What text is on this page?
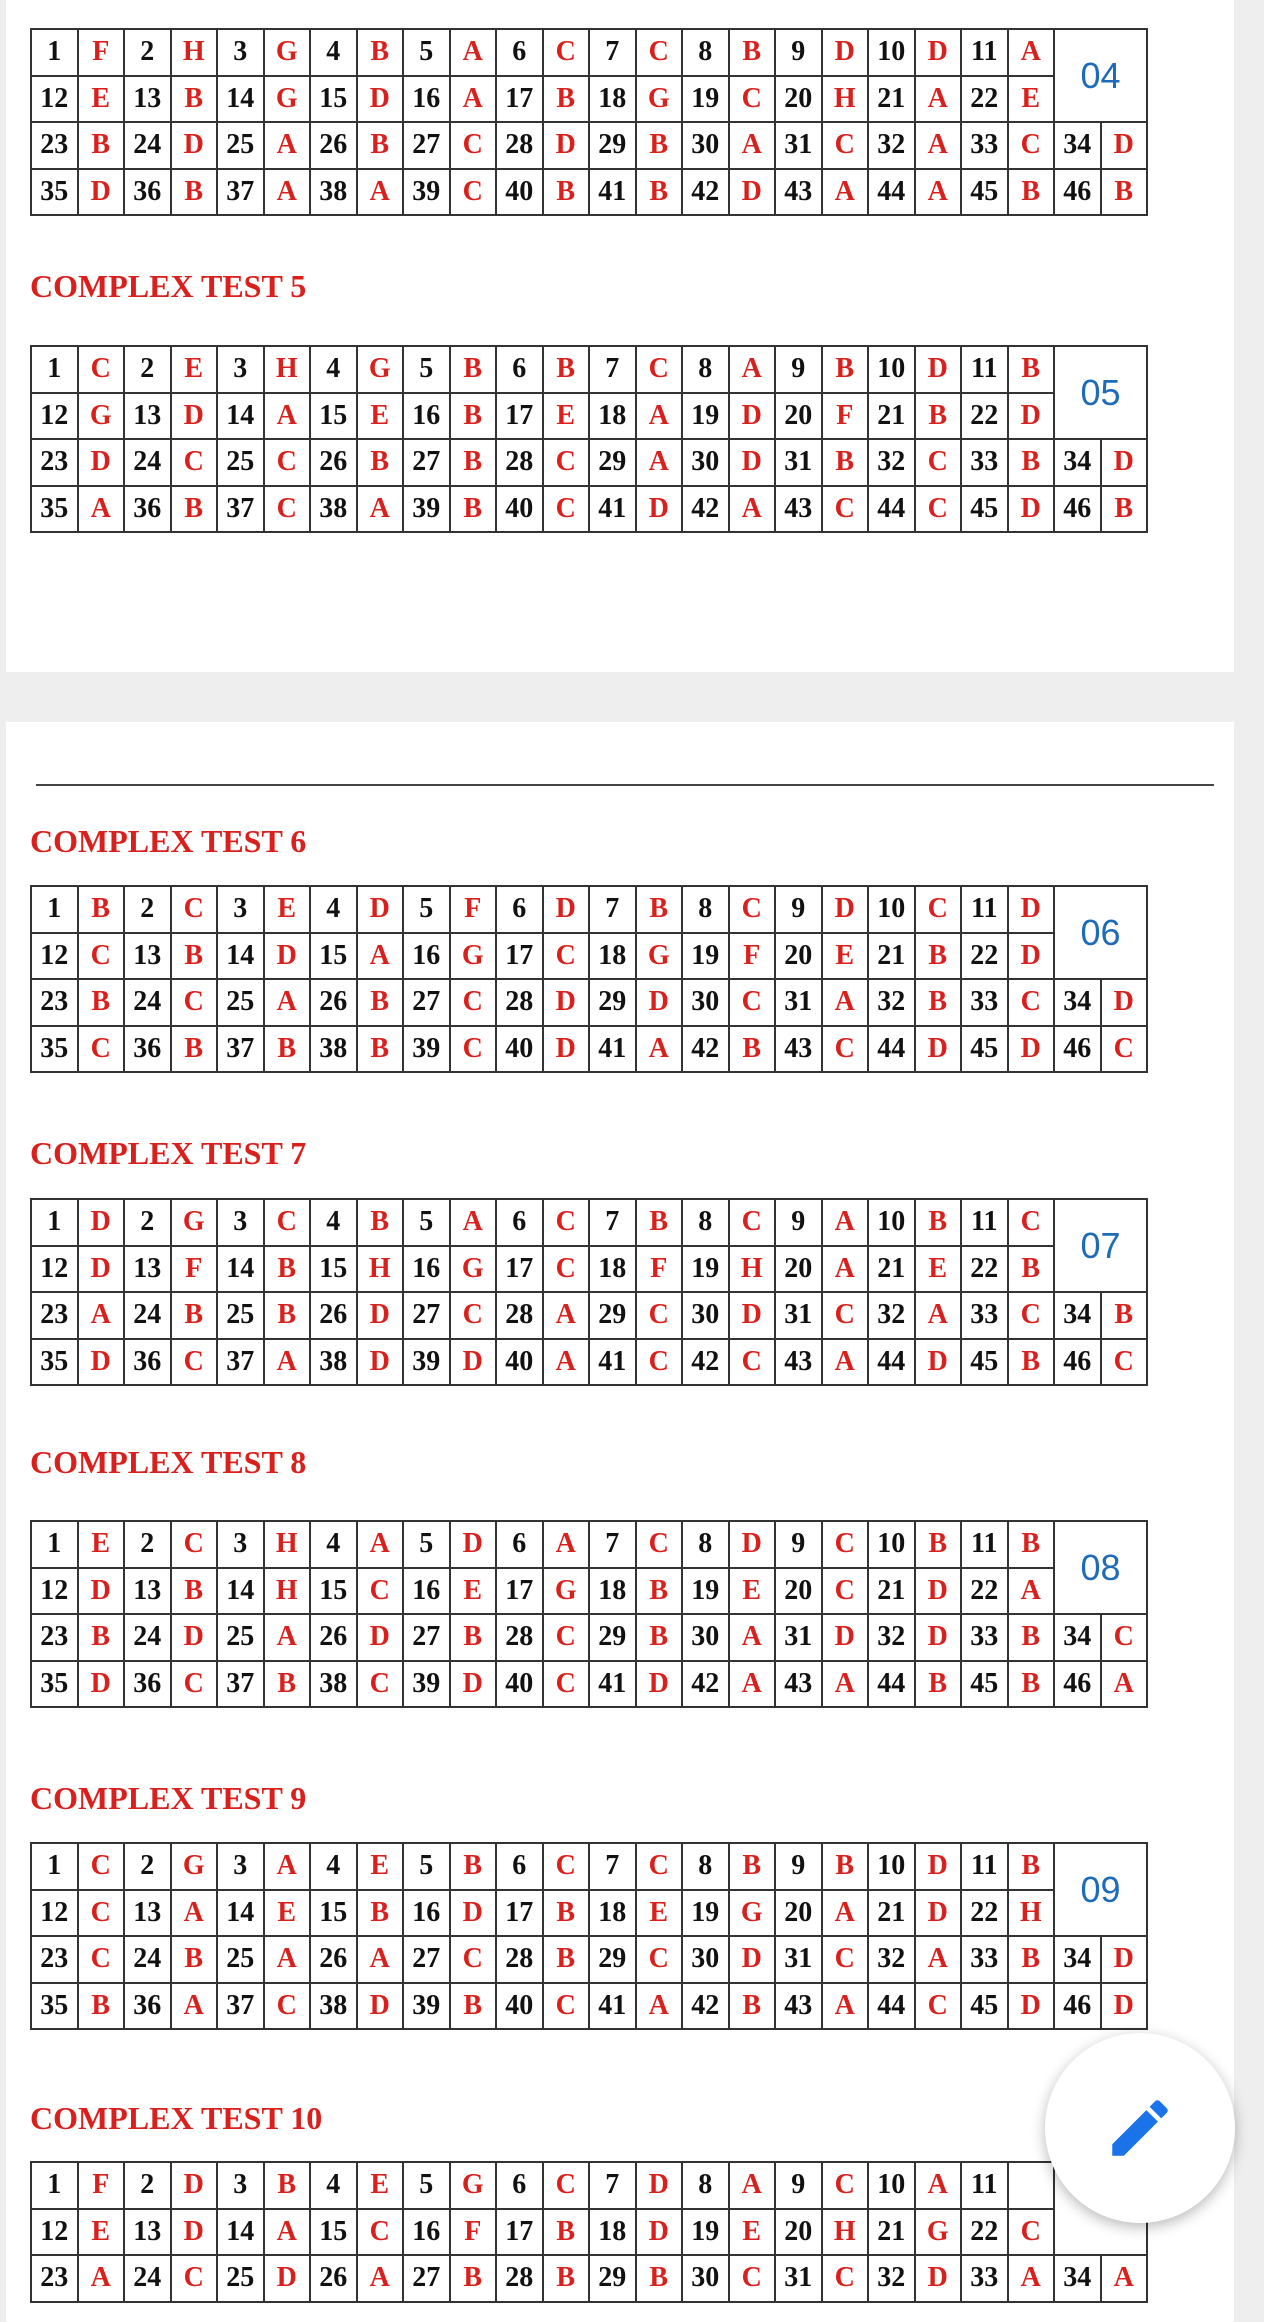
COMPLEX TEST 5
COMPLEX TEST 6
COMPLEX TEST 7
COMPLEX TEST 8
COMPLEX TEST 9
COMPLEX TEST 10
1	F	2	H	3	G	4	B	5	A	6	C	7	C	8	B	9	D	10	D	11	A	04	
12	E	13	B	14	G	15	D	16	A	17	B	18	G	19	C	20	H	21	A	22	E		
23	B	24	D	25	A	26	B	27	C	28	D	29	B	30	A	31	C	32	A	33	C	34	D
35	D	36	B	37	A	38	A	39	C	40	B	41	B	42	D	43	A	44	A	45	B	46	B
1	C	2	E	3	H	4	G	5	B	6	B	7	C	8	A	9	B	10	D	11	B	05	
12	G	13	D	14	A	15	E	16	B	17	E	18	A	19	D	20	F	21	B	22	D		
23	D	24	C	25	C	26	B	27	B	28	C	29	A	30	D	31	B	32	C	33	B	34	D
35	A	36	B	37	C	38	A	39	B	40	C	41	D	42	A	43	C	44	C	45	D	46	B
1	B	2	C	3	E	4	D	5	F	6	D	7	B	8	C	9	D	10	C	11	D	06	
12	C	13	B	14	D	15	A	16	G	17	C	18	G	19	F	20	E	21	B	22	D		
23	B	24	C	25	A	26	B	27	C	28	D	29	D	30	C	31	A	32	B	33	C	34	D
35	C	36	B	37	B	38	B	39	C	40	D	41	A	42	B	43	C	44	D	45	D	46	C
1	D	2	G	3	C	4	B	5	A	6	C	7	B	8	C	9	A	10	B	11	C	07	
12	D	13	F	14	B	15	H	16	G	17	C	18	F	19	H	20	A	21	E	22	B		
23	A	24	B	25	B	26	D	27	C	28	A	29	C	30	D	31	C	32	A	33	C	34	B
35	D	36	C	37	A	38	D	39	D	40	A	41	C	42	C	43	A	44	D	45	B	46	C
1	E	2	C	3	H	4	A	5	D	6	A	7	C	8	D	9	C	10	B	11	B	08	
12	D	13	B	14	H	15	C	16	E	17	G	18	B	19	E	20	C	21	D	22	A		
23	B	24	D	25	A	26	D	27	B	28	C	29	B	30	A	31	D	32	D	33	B	34	C
35	D	36	C	37	B	38	C	39	D	40	C	41	D	42	A	43	A	44	B	45	B	46	A
1	C	2	G	3	A	4	E	5	B	6	C	7	C	8	B	9	B	10	D	11	B	09	
12	C	13	A	14	E	15	B	16	D	17	B	18	E	19	G	20	A	21	D	22	H		
23	C	24	B	25	A	26	A	27	C	28	B	29	C	30	D	31	C	32	A	33	B	34	D
35	B	36	A	37	C	38	D	39	B	40	C	41	A	42	B	43	A	44	C	45	D	46	D
1	F	2	D	3	B	4	E	5	G	6	C	7	D	8	A	9	C	10	A	11			
12	E	13	D	14	A	15	C	16	F	17	B	18	D	19	E	20	H	21	G	22	C		
23	A	24	C	25	D	26	A	27	B	28	B	29	B	30	C	31	C	32	D	33	A	34	A
